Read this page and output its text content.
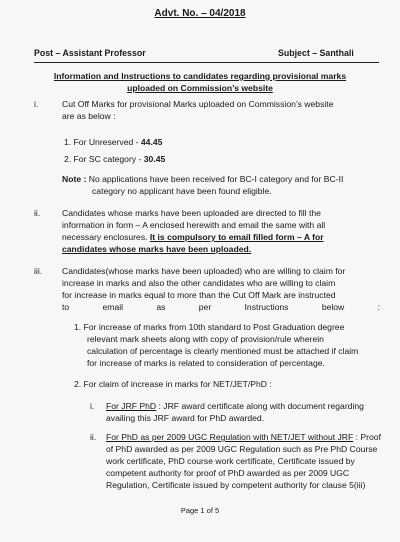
Advt. No. – 04/2018
Post – Assistant Professor	Subject – Santhali
Information and Instructions to candidates regarding provisional marks
uploaded on Commission’s website
i.	Cut Off Marks for provisional Marks uploaded on Commission’s website
are as below :
1. For Unreserved - 44.45
2. For SC category - 30.45
Note : No applications have been received for BC-I category and for BC-II
category no applicant have been found eligible.
ii.	Candidates whose marks have been uploaded are directed to fill the
information in form – A enclosed herewith and email the same with all
necessary enclosures. It is compulsory to email filled form – A for
candidates whose marks have been uploaded.
iii. Candidates(whose marks have been uploaded) who are willing to claim for
increase in marks and also the other candidates who are willing to claim
for increase in marks equal to more than the Cut Off Mark are instructed
to	email	as	per	Instructions	below	:
1. For increase of marks from 10th standard to Post Graduation degree
relevant mark sheets along with copy of provision/rule wherein
calculation of percentage is clearly mentioned must be attached if claim
for increase of marks is related to consideration of percentage.
2. For claim of increase in marks for NET/JET/PhD :
i. For JRF PhD : JRF award certificate along with document regarding
availing this JRF award for PhD awarded.
ii. For PhD as per 2009 UGC Regulation with NET/JET without JRF : Proof
of PhD awarded as per 2009 UGC Regulation such as Pre PhD Course
work certificate, PhD course work certificate, Certificate issued by
competent authority for proof of PhD awarded as per 2009 UGC
Regulation, Certificate issued by competent authority for clause 5(iii)
Page 1 of 5
